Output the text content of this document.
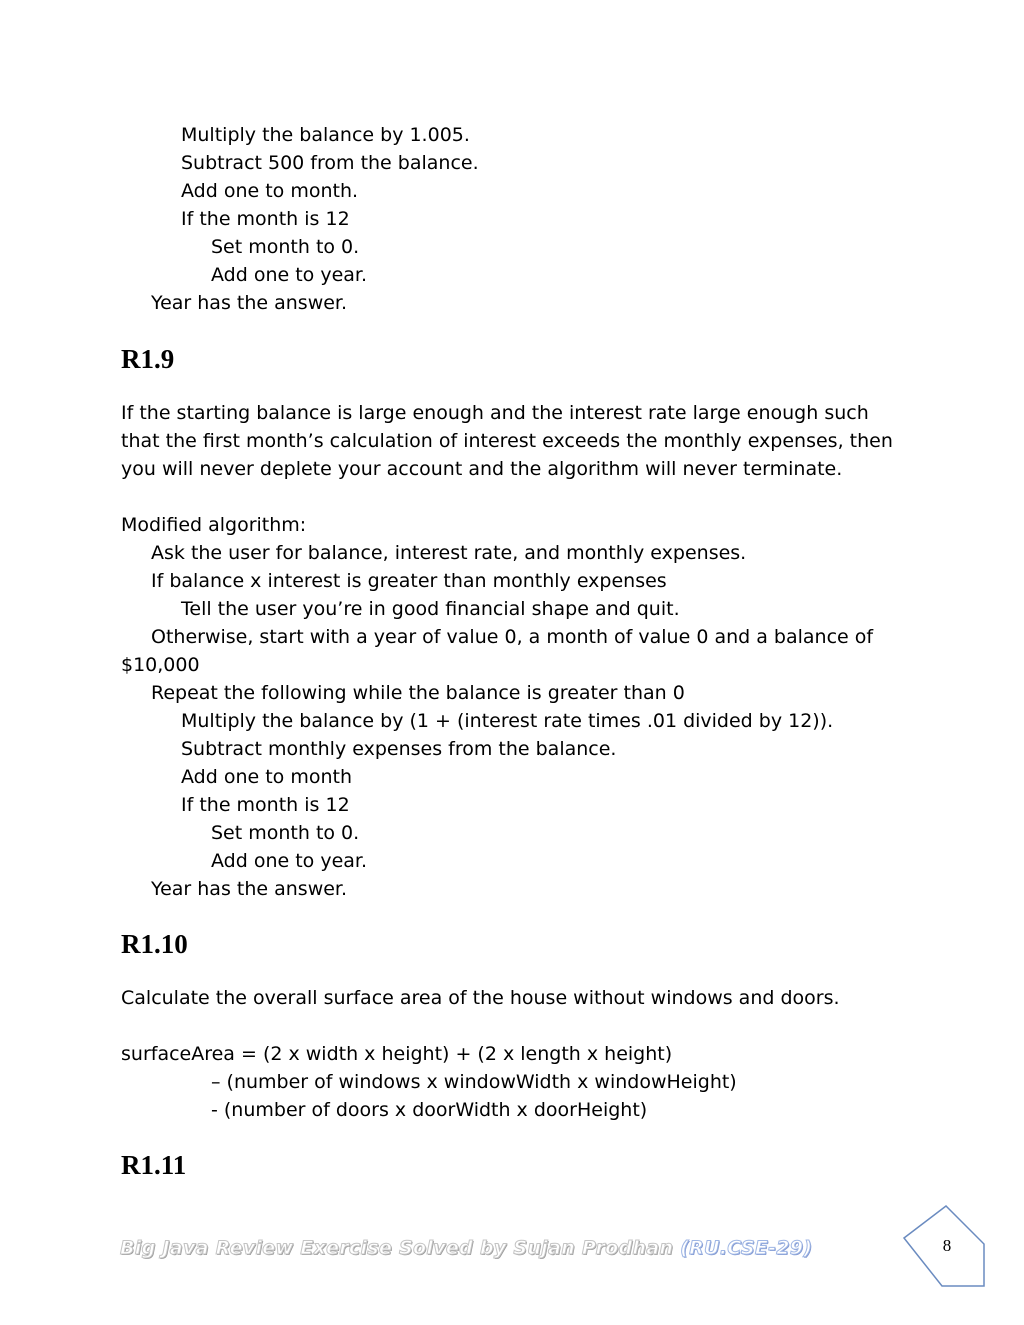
Multiply the balance by 1.005.
Subtract 500 from the balance.
Add one to month.
If the month is 12
Set month to 0.
Add one to year.
Year has the answer.
R1.9
If the starting balance is large enough and the interest rate large enough such
that the first month’s calculation of interest exceeds the monthly expenses, then
you will never deplete your account and the algorithm will never terminate.
Modified algorithm:
Ask the user for balance, interest rate, and monthly expenses.
If balance x interest is greater than monthly expenses
Tell the user you’re in good financial shape and quit.
Otherwise, start with a year of value 0, a month of value 0 and a balance of
$10,000
Repeat the following while the balance is greater than 0
Multiply the balance by (1 + (interest rate times .01 divided by 12)).
Subtract monthly expenses from the balance.
Add one to month
If the month is 12
Set month to 0.
Add one to year.
Year has the answer.
R1.10
Calculate the overall surface area of the house without windows and doors.
surfaceArea = (2 x width x height) + (2 x length x height)
– (number of windows x windowWidth x windowHeight)
- (number of doors x doorWidth x doorHeight)
R1.11
Big Java Review Exercise Solved by Sujan Prodhan (RU.CSE-29)	8
